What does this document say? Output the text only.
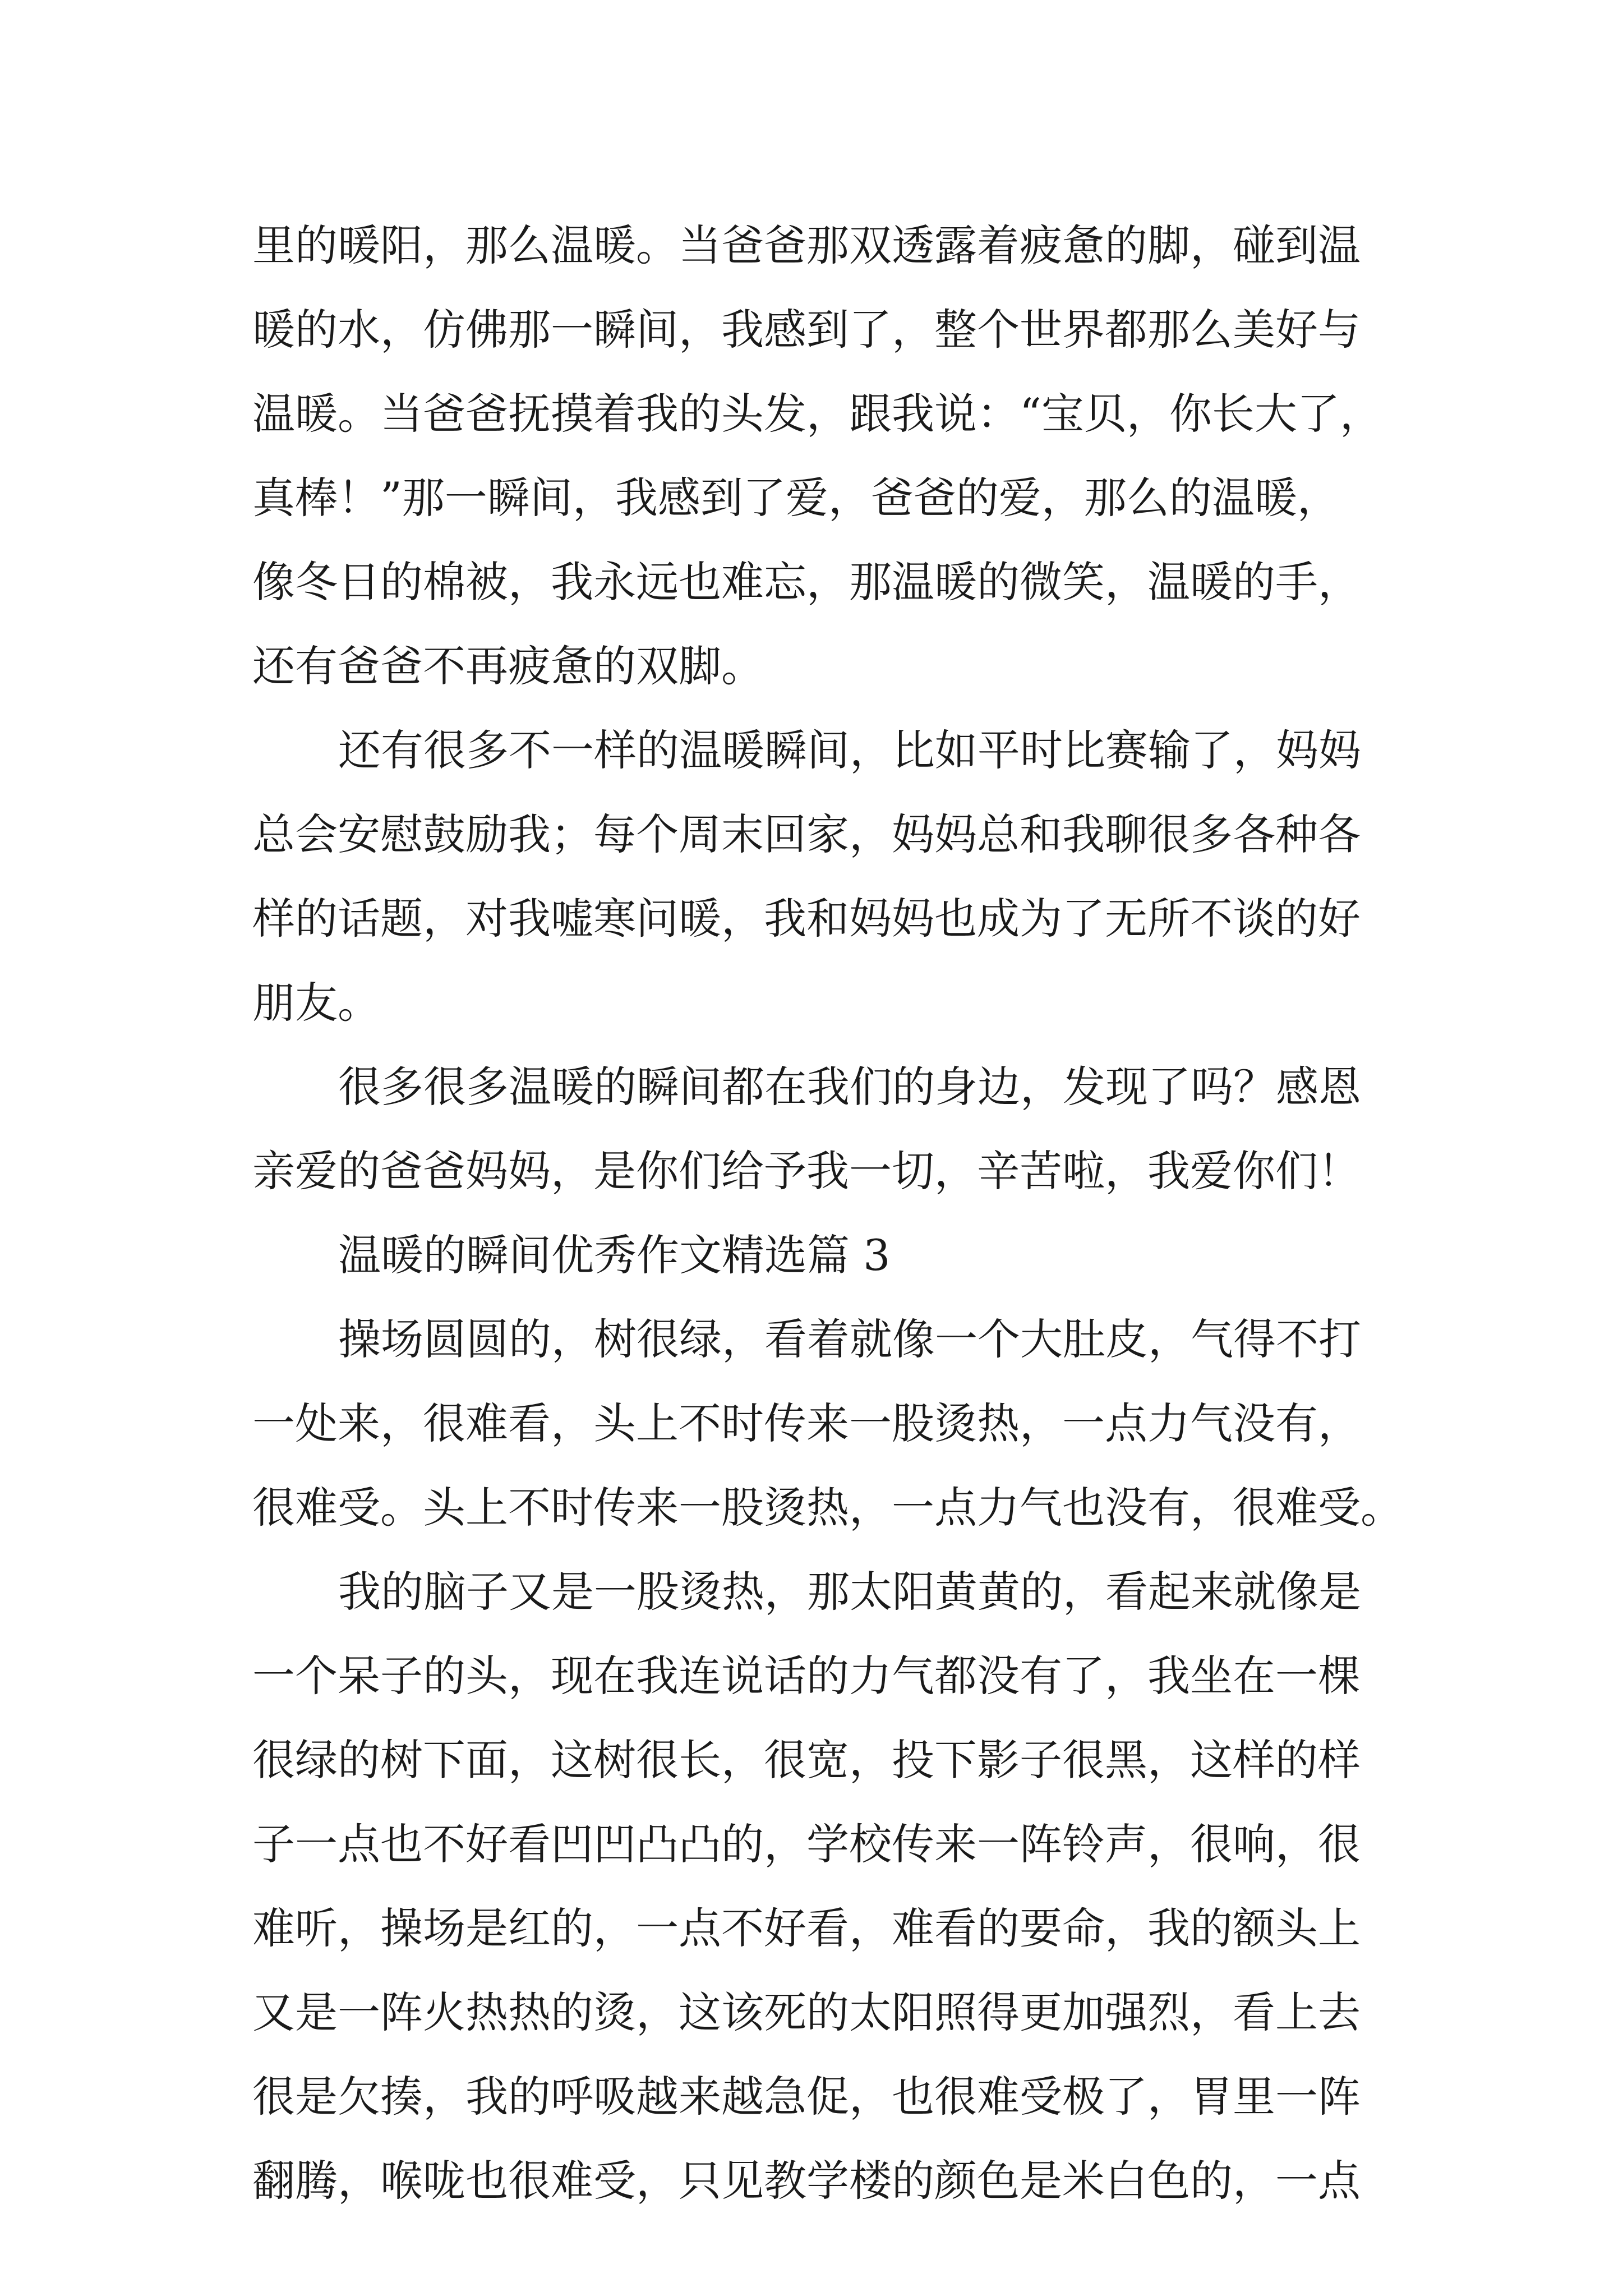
里的暖阳，那么温暖。当爸爸那双透露着疲惫的脚，碰到温
暖的水，仿佛那一瞬间，我感到了，整个世界都那么美好与
温暖。当爸爸抚摸着我的头发，跟我说：“宝贝，你长大了，
真棒！”那一瞬间，我感到了爱，爸爸的爱，那么的温暖，
像冬日的棉被，我永远也难忘，那温暖的微笑，温暖的手，
还有爸爸不再疲惫的双脚。
还有很多不一样的温暖瞬间，比如平时比赛输了，妈妈
总会安慰鼓励我；每个周末回家，妈妈总和我聊很多各种各
样的话题，对我嘘寒问暖，我和妈妈也成为了无所不谈的好
朋友。
很多很多温暖的瞬间都在我们的身边，发现了吗？感恩
亲爱的爸爸妈妈，是你们给予我一切，辛苦啦，我爱你们！
温暖的瞬间优秀作文精选篇 3
操场圆圆的，树很绿，看着就像一个大肚皮，气得不打
一处来，很难看，头上不时传来一股烫热，一点力气没有，
很难受。头上不时传来一股烫热，一点力气也没有，很难受。
我的脑子又是一股烫热，那太阳黄黄的，看起来就像是
一个呆子的头，现在我连说话的力气都没有了，我坐在一棵
很绿的树下面，这树很长，很宽，投下影子很黑，这样的样
子一点也不好看凹凹凸凸的，学校传来一阵铃声，很响，很
难听，操场是红的，一点不好看，难看的要命，我的额头上
又是一阵火热热的烫，这该死的太阳照得更加强烈，看上去
很是欠揍，我的呼吸越来越急促，也很难受极了，胃里一阵
翻腾，喉咙也很难受，只见教学楼的颜色是米白色的，一点
